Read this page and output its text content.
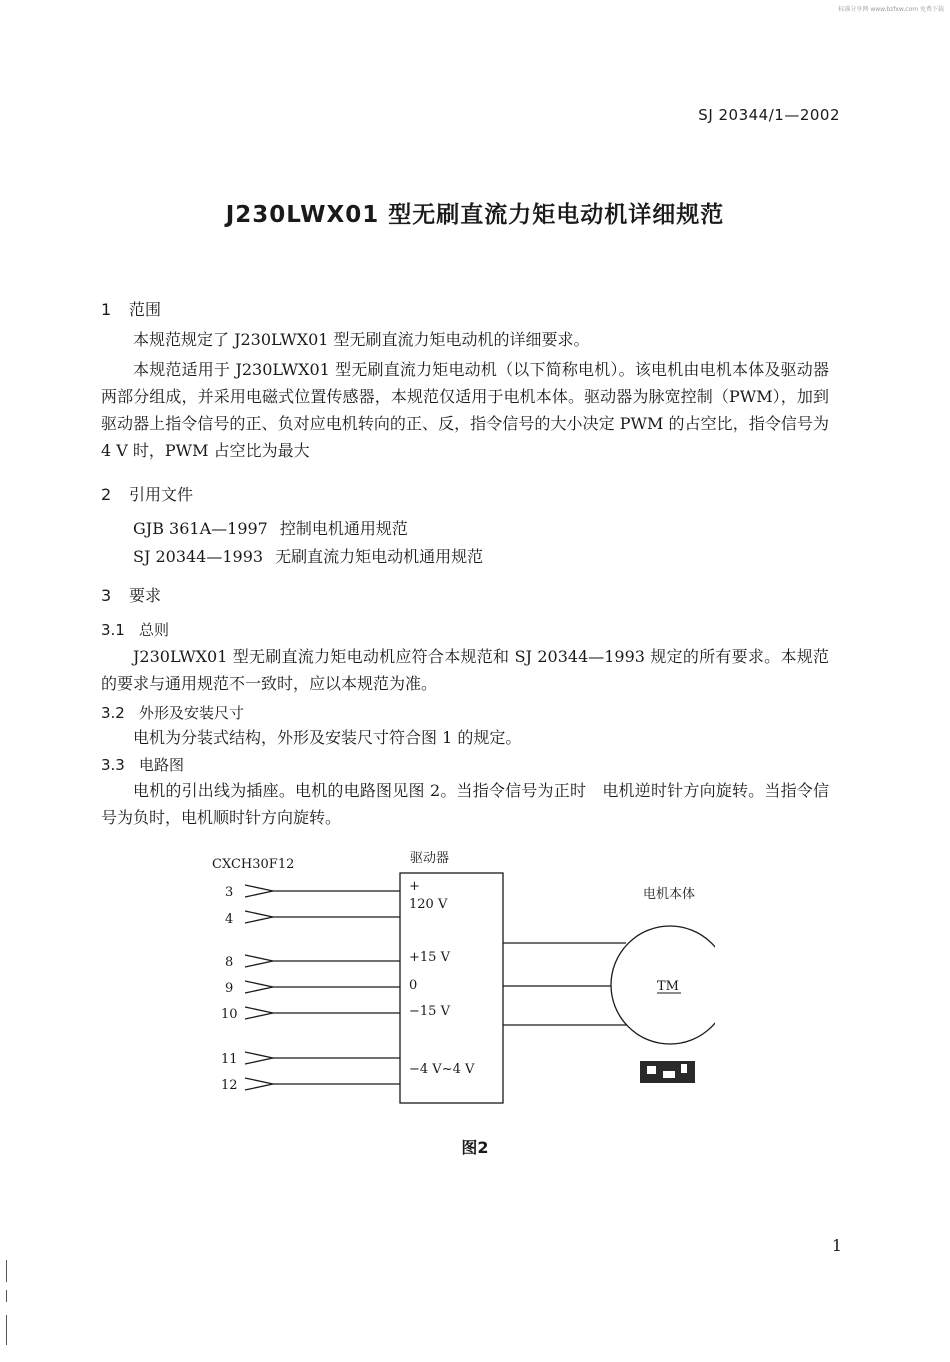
标准分享网 www.bzfxw.com 免费下载
SJ 20344/1—2002
J230LWX01 型无刷直流力矩电动机详细规范
1 范围
本规范规定了 J230LWX01 型无刷直流力矩电动机的详细要求。
本规范适用于 J230LWX01 型无刷直流力矩电动机（以下简称电机）。该电机由电机本体及驱动器两部分组成，并采用电磁式位置传感器，本规范仅适用于电机本体。驱动器为脉宽控制（PWM），加到驱动器上指令信号的正、负对应电机转向的正、反，指令信号的大小决定 PWM 的占空比，指令信号为 4 V 时，PWM 占空比为最大
2 引用文件
GJB 361A—1997 控制电机通用规范
SJ 20344—1993 无刷直流力矩电动机通用规范
3 要求
3.1 总则
J230LWX01 型无刷直流力矩电动机应符合本规范和 SJ 20344—1993 规定的所有要求。本规范的要求与通用规范不一致时，应以本规范为准。
3.2 外形及安装尺寸
电机为分装式结构，外形及安装尺寸符合图 1 的规定。
3.3 电路图
电机的引出线为插座。电机的电路图见图 2。当指令信号为正时　电机逆时针方向旋转。当指令信号为负时，电机顺时针方向旋转。
CXCH30F12	驱动器
电机本体
3
4
8
9
10
11
12
+
120 V
+15 V
0
−15 V
−4 V~4 V
TM
图2
1
